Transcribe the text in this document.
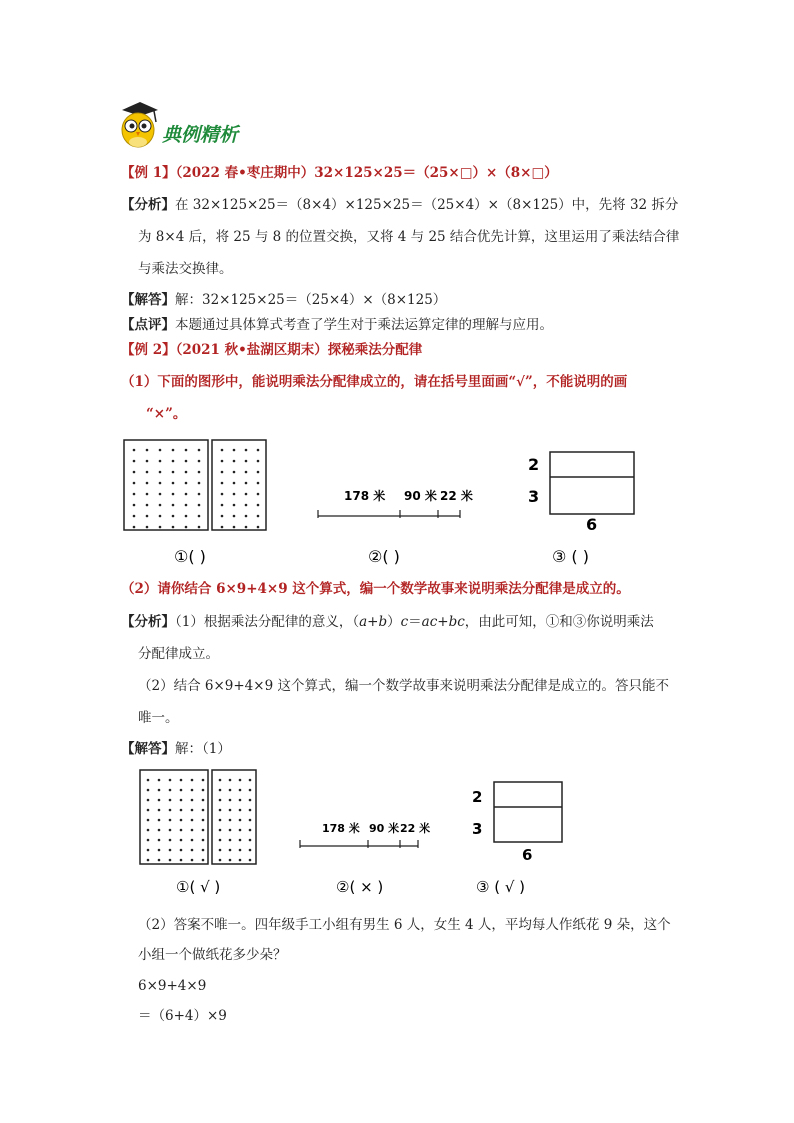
典例精析
【例 1】（2022 春•枣庄期中）32×125×25＝（25×□）×（8×□）
【分析】在 32×125×25＝（8×4）×125×25＝（25×4）×（8×125）中，先将 32 拆分
为 8×4 后，将 25 与 8 的位置交换，又将 4 与 25 结合优先计算，这里运用了乘法结合律
与乘法交换律。
【解答】解：32×125×25＝（25×4）×（8×125）
【点评】本题通过具体算式考查了学生对于乘法运算定律的理解与应用。
【例 2】（2021 秋•盐湖区期末）探秘乘法分配律
（1）下面的图形中，能说明乘法分配律成立的，请在括号里面画“√”，不能说明的画
“×”。
178 米 90 米 22 米
2
3
6
①( )	②( )	③ ( )
（2）请你结合 6×9+4×9 这个算式，编一个数学故事来说明乘法分配律是成立的。
【分析】（1）根据乘法分配律的意义，（a+b）c＝ac+bc，由此可知，①和③你说明乘法
分配律成立。
（2）结合 6×9+4×9 这个算式，编一个数学故事来说明乘法分配律是成立的。答只能不
唯一。
【解答】解：（1）
178 米 90 米 22 米
2
3
6
①( √ )	②( × )	③ ( √ )
（2）答案不唯一。四年级手工小组有男生 6 人，女生 4 人，平均每人作纸花 9 朵，这个
小组一个做纸花多少朵？
6×9+4×9
＝（6+4）×9
